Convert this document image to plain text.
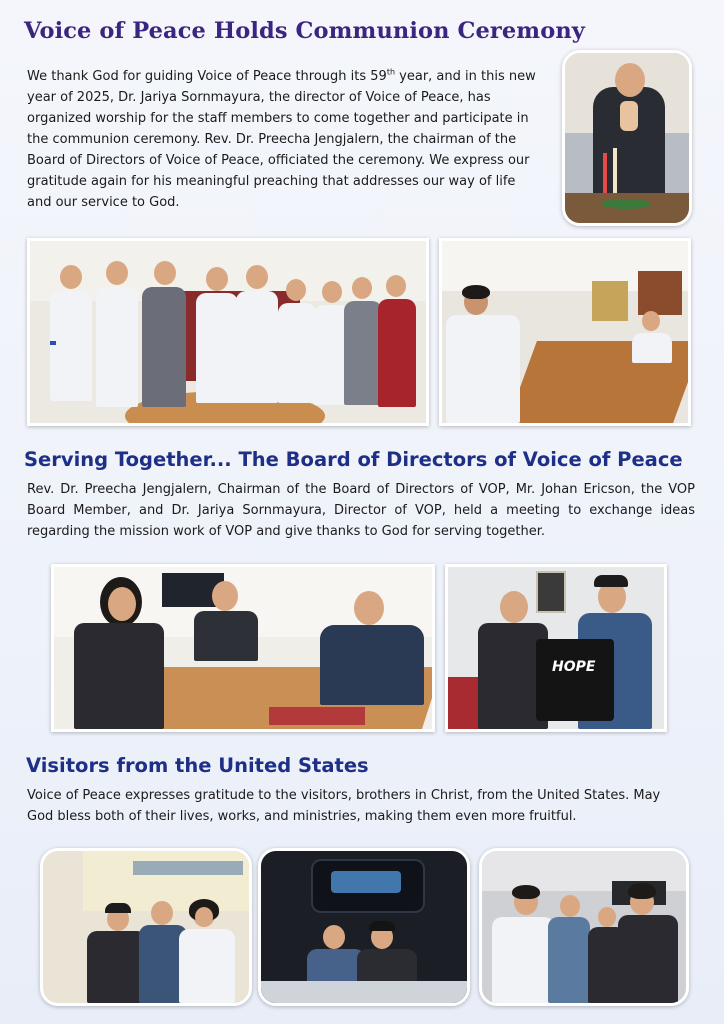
Voice of Peace Holds Communion Ceremony

We thank God for guiding Voice of Peace through its 59th year, and in this new year of 2025, Dr. Jariya Sornmayura, the director of Voice of Peace, has organized worship for the staff members to come together and participate in the communion ceremony. Rev. Dr. Preecha Jengjalern, the chairman of the Board of Directors of Voice of Peace, officiated the ceremony. We express our gratitude again for his meaningful preaching that addresses our way of life and our service to God.

Serving Together... The Board of Directors of Voice of Peace

Rev. Dr. Preecha Jengjalern, Chairman of the Board of Directors of VOP, Mr. Johan Ericson, the VOP Board Member, and Dr. Jariya Sornmayura, Director of VOP, held a meeting to exchange ideas regarding the mission work of VOP and give thanks to God for serving together.

HOPE
Visitors from the United States

Voice of Peace expresses gratitude to the visitors, brothers in Christ, from the United States. May God bless both of their lives, works, and ministries, making them even more fruitful.
